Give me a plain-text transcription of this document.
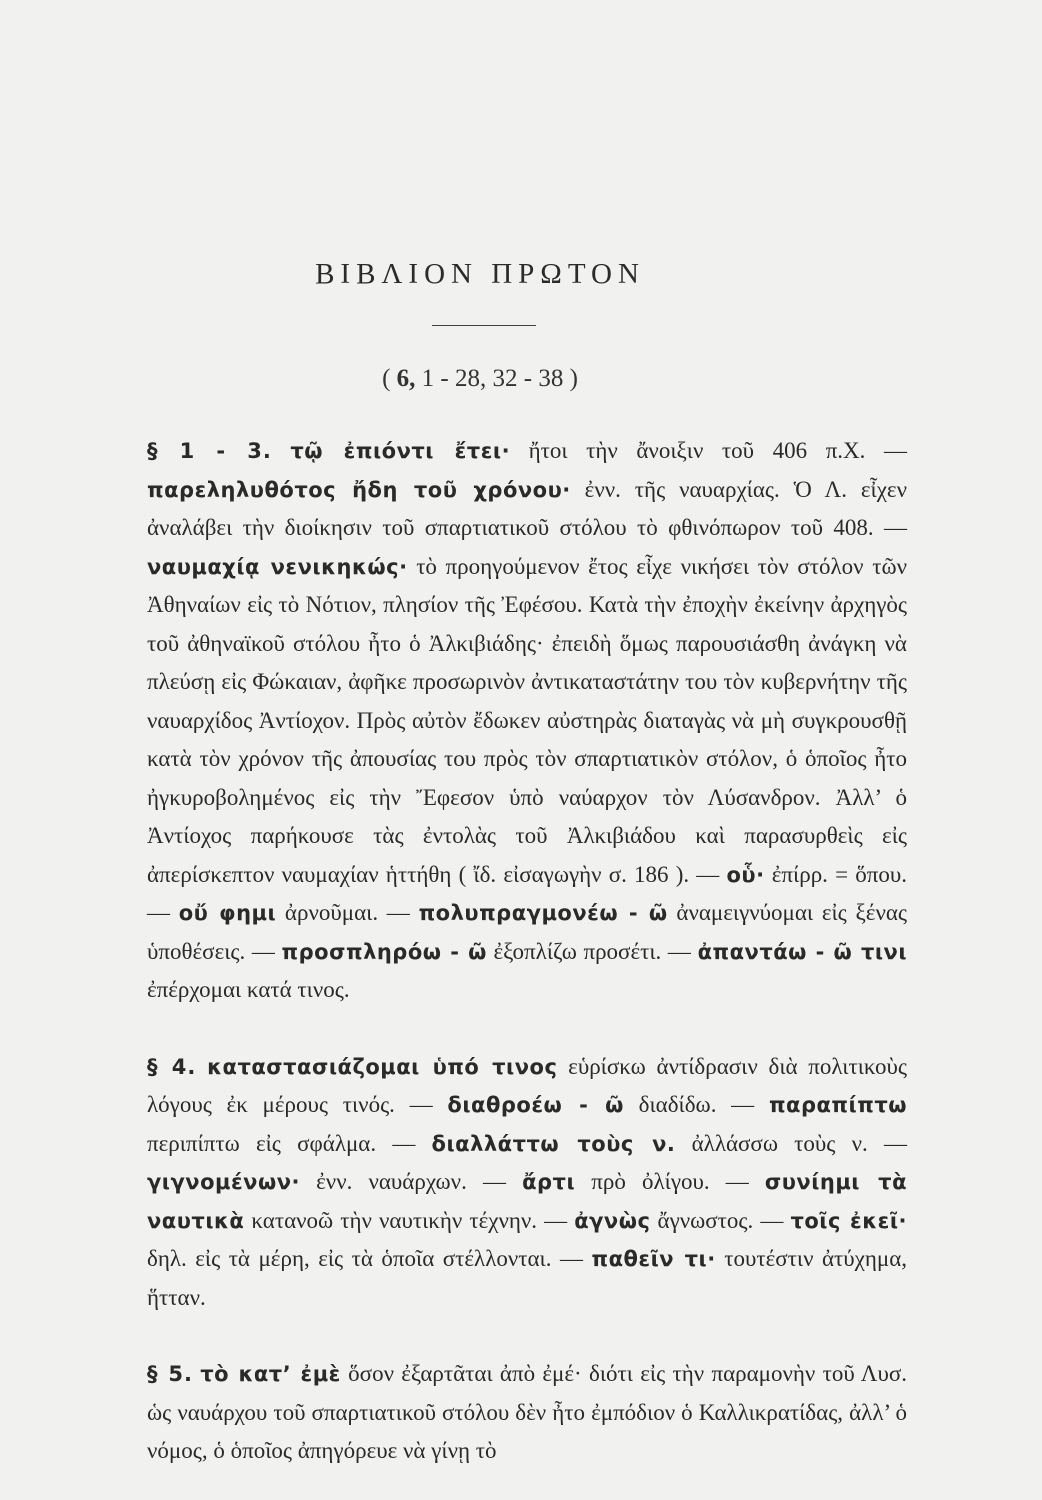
ΒΙΒΛΙΟΝ ΠΡΩΤΟΝ
( 6, 1 - 28, 32 - 38 )

§ 1 - 3. τῷ ἐπιόντι ἔτει· ἤτοι τὴν ἄνοιξιν τοῦ 406 π.Χ. — παρεληλυθότος ἤδη τοῦ χρόνου· ἐνν. τῆς ναυαρχίας. Ὁ Λ. εἶχεν ἀναλάβει τὴν διοίκησιν τοῦ σπαρτιατικοῦ στόλου τὸ φθινόπωρον τοῦ 408. — ναυμαχίᾳ νενικηκώς· τὸ προηγούμενον ἔτος εἶχε νικήσει τὸν στόλον τῶν Ἀθηναίων εἰς τὸ Νότιον, πλησίον τῆς Ἐφέσου. Κατὰ τὴν ἐποχὴν ἐκείνην ἀρχηγὸς τοῦ ἀθηναϊκοῦ στόλου ἦτο ὁ Ἀλκιβιάδης· ἐπειδὴ ὅμως παρουσιάσθη ἀνάγκη νὰ πλεύσῃ εἰς Φώκαιαν, ἀφῆκε προσωρινὸν ἀντικαταστάτην του τὸν κυβερνήτην τῆς ναυαρχίδος Ἀντίοχον. Πρὸς αὐτὸν ἔδωκεν αὐστηρὰς διαταγὰς νὰ μὴ συγκρουσθῇ κατὰ τὸν χρόνον τῆς ἀπουσίας του πρὸς τὸν σπαρτιατικὸν στόλον, ὁ ὁποῖος ἦτο ἠγκυροβολημένος εἰς τὴν Ἔφεσον ὑπὸ ναύαρχον τὸν Λύσανδρον. Ἀλλ’ ὁ Ἀντίοχος παρήκουσε τὰς ἐντολὰς τοῦ Ἀλκιβιάδου καὶ παρασυρθεὶς εἰς ἀπερίσκεπτον ναυμαχίαν ἡττήθη ( ἴδ. εἰσαγωγὴν σ. 186 ). — οὗ· ἐπίρρ. = ὅπου. — οὔ φημι ἀρνοῦμαι. — πολυπραγμονέω - ῶ ἀναμειγνύομαι εἰς ξένας ὑποθέσεις. — προσπληρόω - ῶ ἐξοπλίζω προσέτι. — ἀπαντάω - ῶ τινι ἐπέρχομαι κατά τινος.

§ 4. καταστασιάζομαι ὑπό τινος εὑρίσκω ἀντίδρασιν διὰ πολιτικοὺς λόγους ἐκ μέρους τινός. — διαθροέω - ῶ διαδίδω. — παραπίπτω περιπίπτω εἰς σφάλμα. — διαλλάττω τοὺς ν. ἀλλάσσω τοὺς ν. — γιγνομένων· ἐνν. ναυάρχων. — ἄρτι πρὸ ὀλίγου. — συνίημι τὰ ναυτικὰ κατανοῶ τὴν ναυτικὴν τέχνην. — ἀγνὼς ἄγνωστος. — τοῖς ἐκεῖ· δηλ. εἰς τὰ μέρη, εἰς τὰ ὁποῖα στέλλονται. — παθεῖν τι· τουτέστιν ἀτύχημα, ἥτταν.

§ 5. τὸ κατ’ ἐμὲ ὅσον ἐξαρτᾶται ἀπὸ ἐμέ· διότι εἰς τὴν παραμονὴν τοῦ Λυσ. ὡς ναυάρχου τοῦ σπαρτιατικοῦ στόλου δὲν ἦτο ἐμπόδιον ὁ Καλλικρατίδας, ἀλλ’ ὁ νόμος, ὁ ὁποῖος ἀπηγόρευε νὰ γίνῃ τὸ
